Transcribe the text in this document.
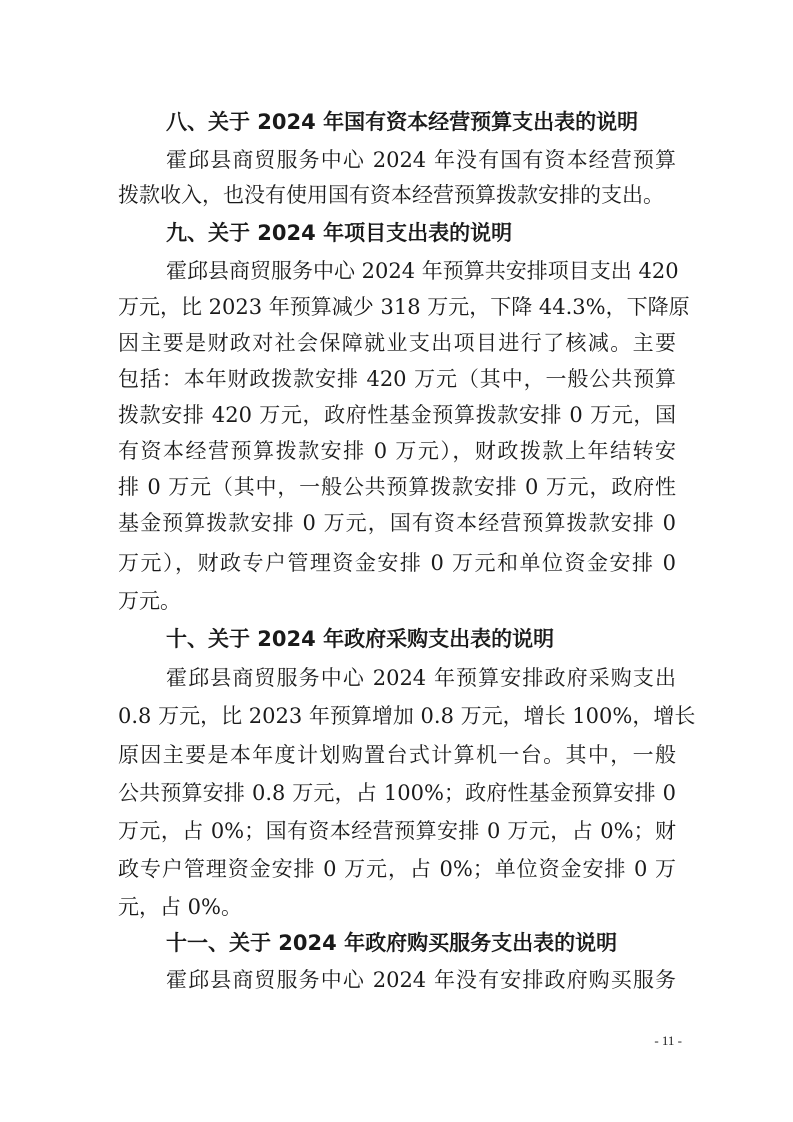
八、关于 2024 年国有资本经营预算支出表的说明
霍邱县商贸服务中心 2024 年没有国有资本经营预算
拨款收入，也没有使用国有资本经营预算拨款安排的支出。
九、关于 2024 年项目支出表的说明
霍邱县商贸服务中心 2024 年预算共安排项目支出 420
万元，比 2023 年预算减少 318 万元，下降 44.3%，下降原
因主要是财政对社会保障就业支出项目进行了核减。主要
包括：本年财政拨款安排 420 万元（其中，一般公共预算
拨款安排 420 万元，政府性基金预算拨款安排 0 万元，国
有资本经营预算拨款安排 0 万元），财政拨款上年结转安
排 0 万元（其中，一般公共预算拨款安排 0 万元，政府性
基金预算拨款安排 0 万元，国有资本经营预算拨款安排 0
万元），财政专户管理资金安排 0 万元和单位资金安排 0
万元。
十、关于 2024 年政府采购支出表的说明
霍邱县商贸服务中心 2024 年预算安排政府采购支出
0.8 万元，比 2023 年预算增加 0.8 万元，增长 100%，增长
原因主要是本年度计划购置台式计算机一台。其中，一般
公共预算安排 0.8 万元，占 100%；政府性基金预算安排 0
万元，占 0%；国有资本经营预算安排 0 万元，占 0%；财
政专户管理资金安排 0 万元，占 0%；单位资金安排 0 万
元，占 0%。
十一、关于 2024 年政府购买服务支出表的说明
霍邱县商贸服务中心 2024 年没有安排政府购买服务
- 11 -
